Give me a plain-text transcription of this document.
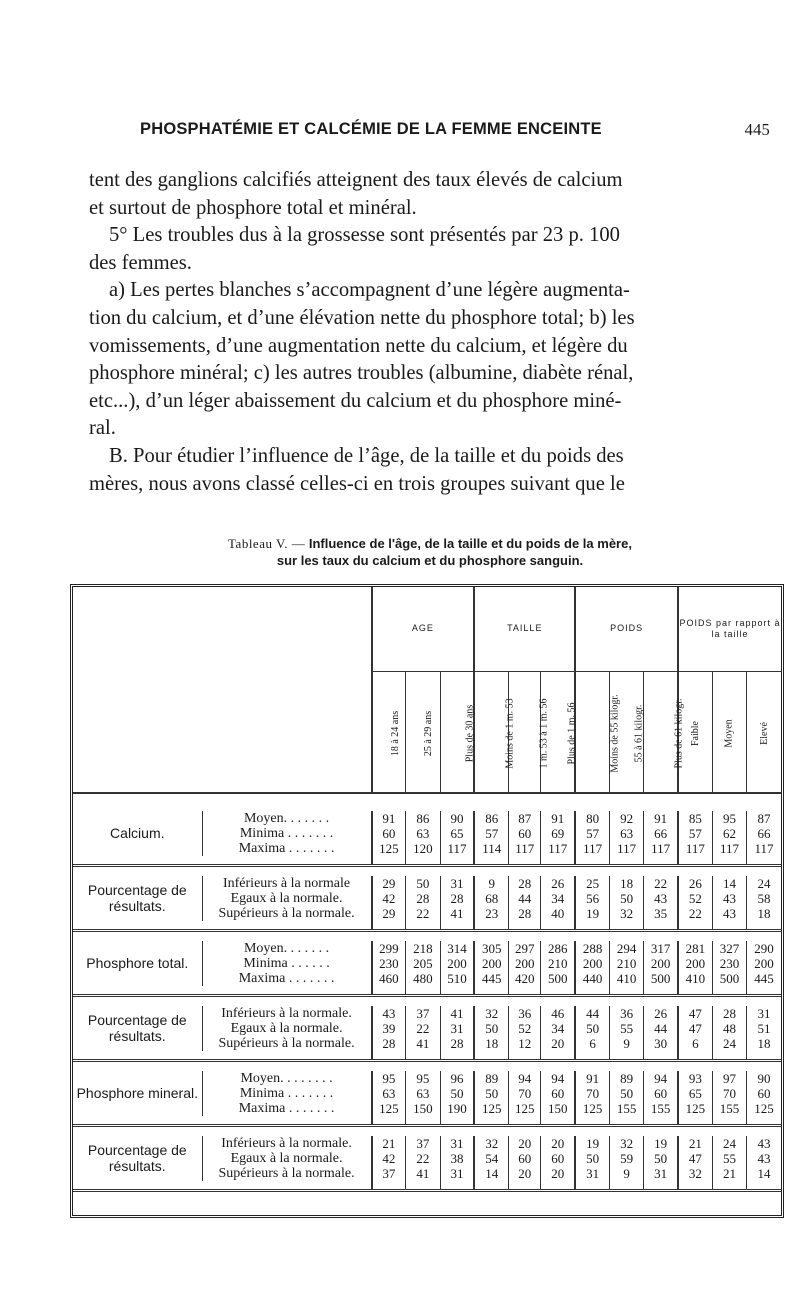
PHOSPHATÉMIE ET CALCÉMIE DE LA FEMME ENCEINTE	445

tent des ganglions calcifiés atteignent des taux élevés de calcium

et surtout de phosphore total et minéral.

5° Les troubles dus à la grossesse sont présentés par 23 p. 100

des femmes.

a) Les pertes blanches s’accompagnent d’une légère augmenta-

tion du calcium, et d’une élévation nette du phosphore total; b) les

vomissements, d’une augmentation nette du calcium, et légère du

phosphore minéral; c) les autres troubles (albumine, diabète rénal,

etc...), d’un léger abaissement du calcium et du phosphore miné-

ral.

B. Pour étudier l’influence de l’âge, de la taille et du poids des

mères, nous avons classé celles-ci en trois groupes suivant que le

Tableau V. — Influence de l'âge, de la taille et du poids de la mère,
sur les taux du calcium et du phosphore sanguin.
		AGE			TAILLE			POIDS			POIDS par rapport à la taille		
		18 à 24 ans	25 à 29 ans	Plus de 30 ans	Moins de 1 m. 53	1 m. 53 à 1 m. 56	Plus de 1 m. 56	Moins de 55 kilogr.	55 à 61 kilogr.	Plus de 61 kilogr.	Faible	Moyen	Elevé

Calcium.	Moyen. . . . . . .	91	86	90	86	87	91	80	92	91	85	95	87
	Minima . . . . . . .	60	63	65	57	60	69	57	63	66	57	62	66
	Maxima . . . . . . .	125	120	117	114	117	117	117	117	117	117	117	117

Pourcentage de résultats.	Inférieurs à la normale	29	50	31	9	28	26	25	18	22	26	14	24
	Egaux à la normale.	42	28	28	68	44	34	56	50	43	52	43	58
	Supérieurs à la normale.	29	22	41	23	28	40	19	32	35	22	43	18

Phosphore total.	Moyen. . . . . . .	299	218	314	305	297	286	288	294	317	281	327	290
	Minima . . . . . .	230	205	200	200	200	210	200	210	200	200	230	200
	Maxima . . . . . . .	460	480	510	445	420	500	440	410	500	410	500	445

Pourcentage de résultats.	Inférieurs à la normale.	43	37	41	32	36	46	44	36	26	47	28	31
	Egaux à la normale.	39	22	31	50	52	34	50	55	44	47	48	51
	Supérieurs à la normale.	28	41	28	18	12	20	6	9	30	6	24	18

Phosphore mineral.	Moyen. . . . . . . .	95	95	96	89	94	94	91	89	94	93	97	90
	Minima . . . . . . .	63	63	50	50	70	60	70	50	60	65	70	60
	Maxima . . . . . . .	125	150	190	125	125	150	125	155	155	125	155	125

Pourcentage de résultats.	Inférieurs à la normale.	21	37	31	32	20	20	19	32	19	21	24	43
	Egaux à la normale.	42	22	38	54	60	60	50	59	50	47	55	43
	Supérieurs à la normale.	37	41	31	14	20	20	31	9	31	32	21	14
